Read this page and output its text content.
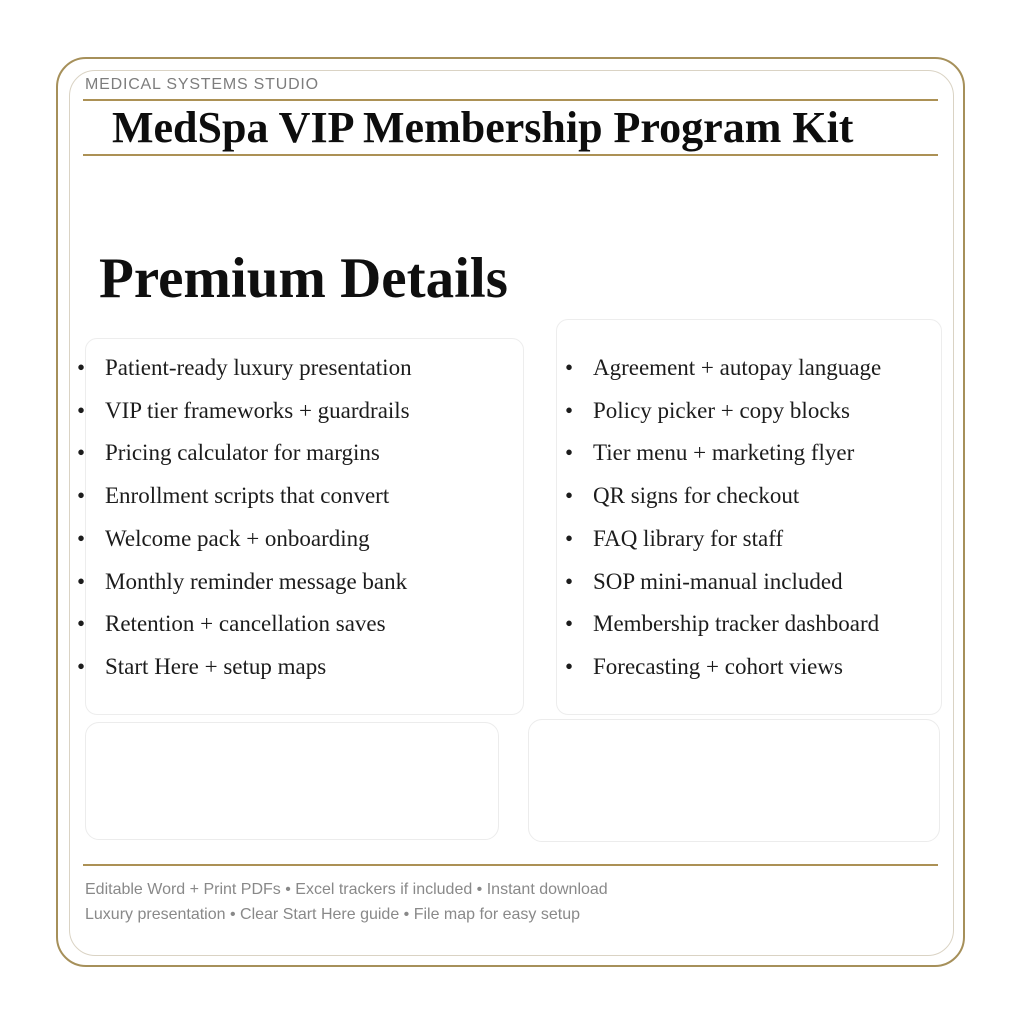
MEDICAL SYSTEMS STUDIO
MedSpa VIP Membership Program Kit
Premium Details
• Patient-ready luxury presentation
• VIP tier frameworks + guardrails
• Pricing calculator for margins
• Enrollment scripts that convert
• Welcome pack + onboarding
• Monthly reminder message bank
• Retention + cancellation saves
• Start Here + setup maps
• Agreement + autopay language
• Policy picker + copy blocks
• Tier menu + marketing flyer
• QR signs for checkout
• FAQ library for staff
• SOP mini-manual included
• Membership tracker dashboard
• Forecasting + cohort views
Editable Word + Print PDFs • Excel trackers if included • Instant download
Luxury presentation • Clear Start Here guide • File map for easy setup
